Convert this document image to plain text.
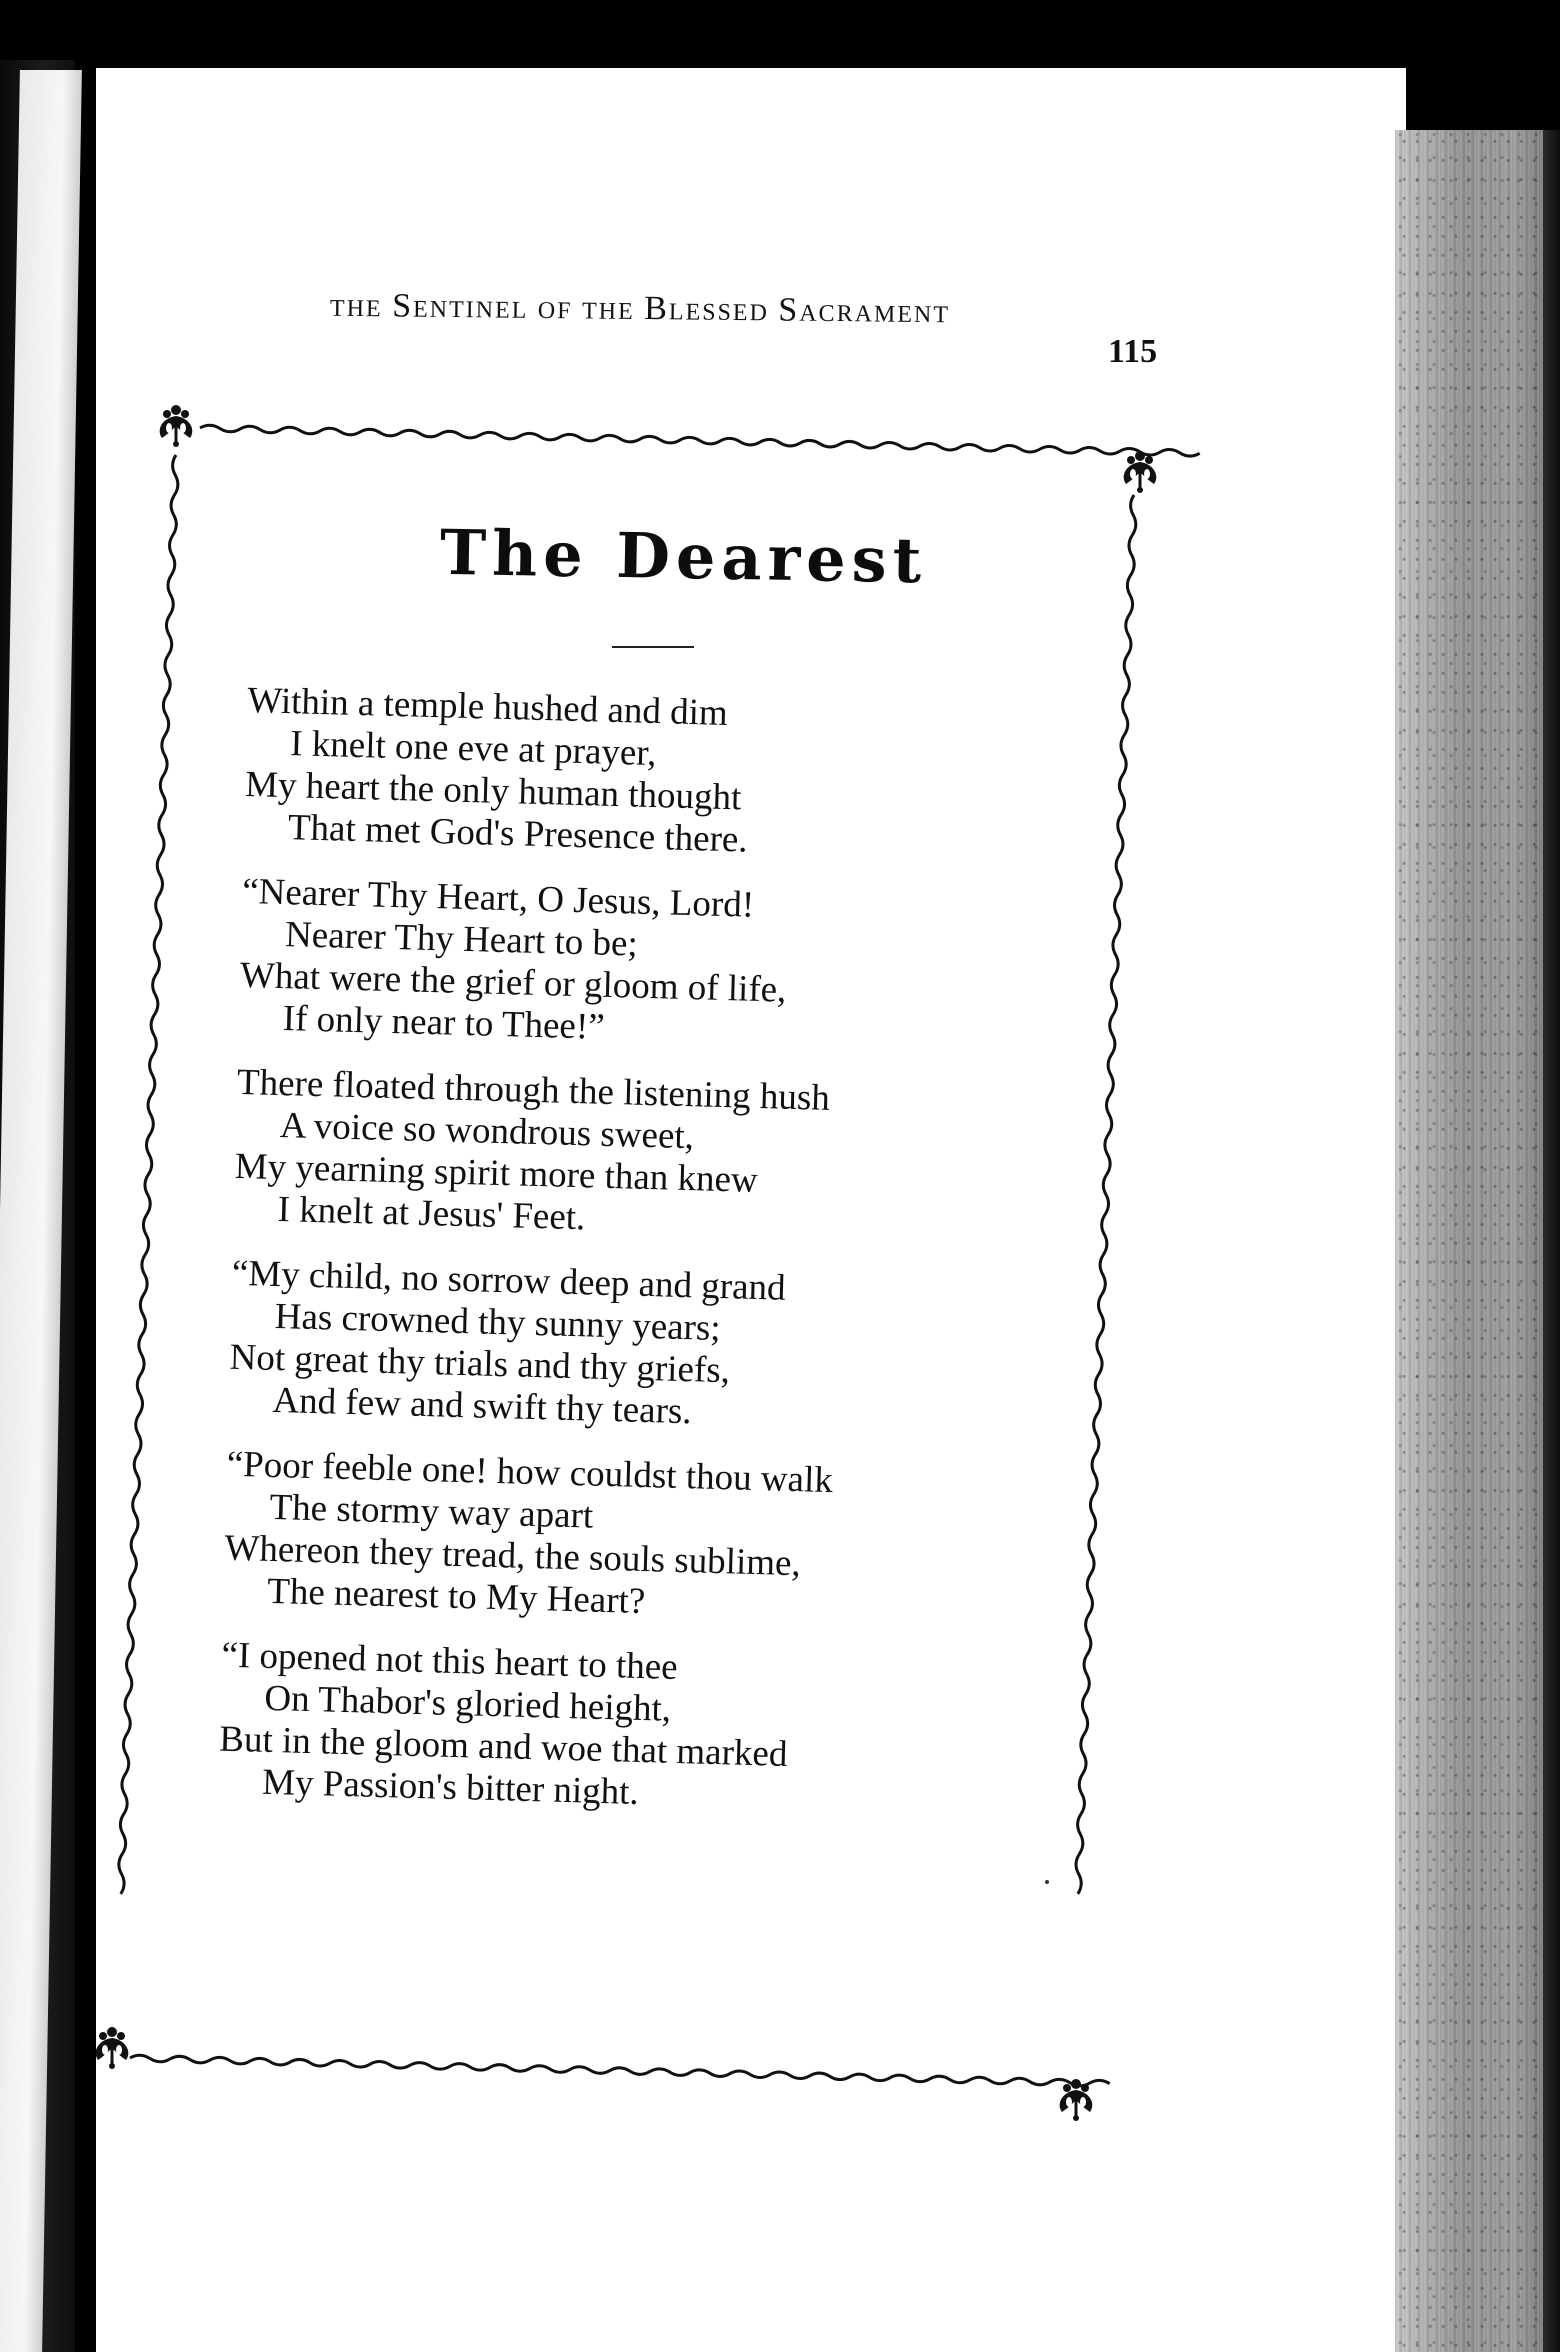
THE SENTINEL OF THE BLESSED SACRAMENT
115
The Dearest
Within a temple hushed and dim
I knelt one eve at prayer,
My heart the only human thought
That met God's Presence there.
“Nearer Thy Heart, O Jesus, Lord!
Nearer Thy Heart to be;
What were the grief or gloom of life,
If only near to Thee!”
There floated through the listening hush
A voice so wondrous sweet,
My yearning spirit more than knew
I knelt at Jesus' Feet.
“My child, no sorrow deep and grand
Has crowned thy sunny years;
Not great thy trials and thy griefs,
And few and swift thy tears.
“Poor feeble one! how couldst thou walk
The stormy way apart
Whereon they tread, the souls sublime,
The nearest to My Heart?
“I opened not this heart to thee
On Thabor's gloried height,
But in the gloom and woe that marked
My Passion's bitter night.
